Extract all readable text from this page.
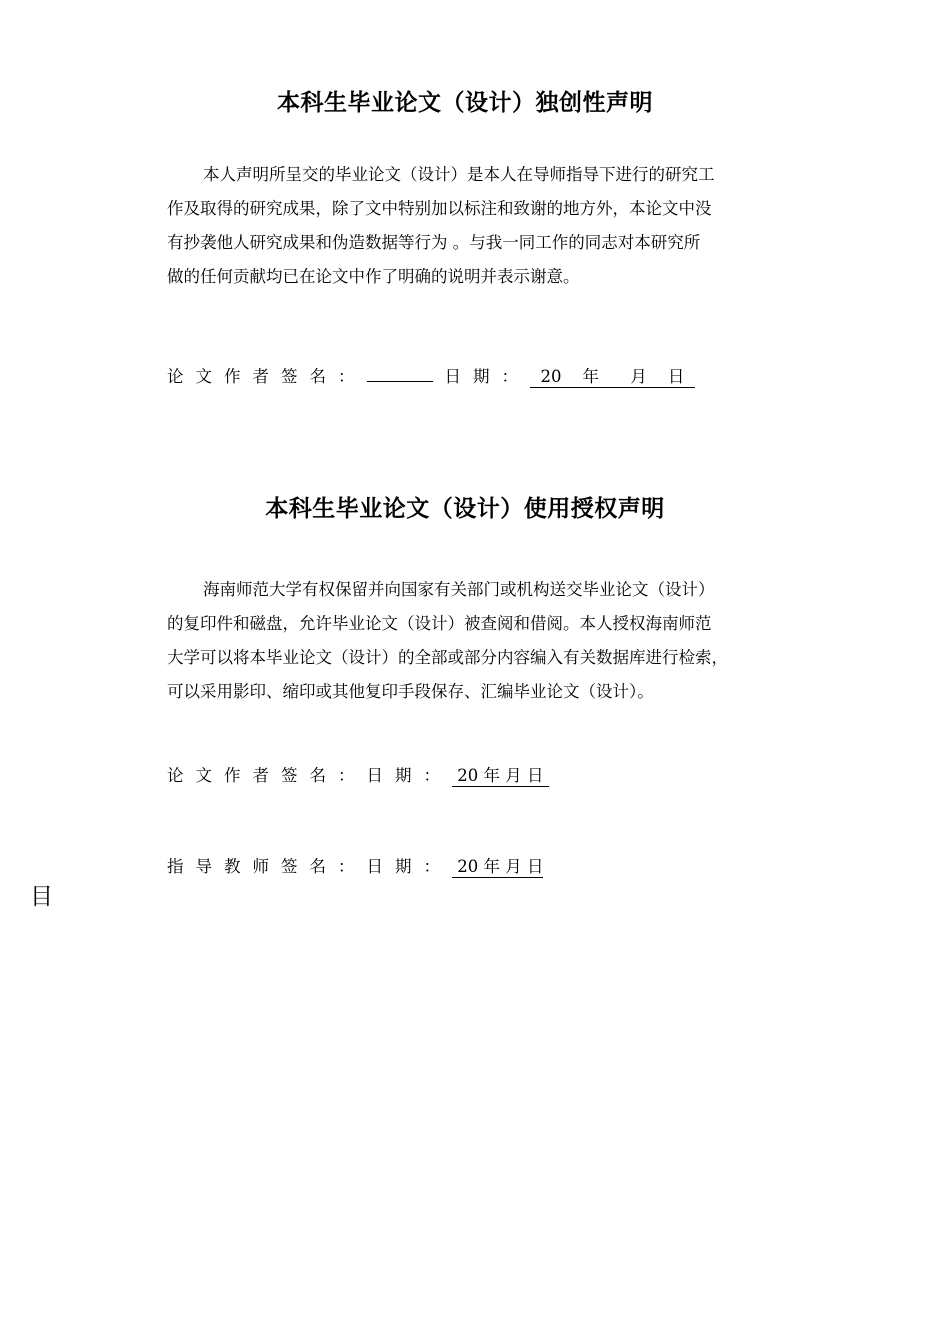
本科生毕业论文（设计）独创性声明
本人声明所呈交的毕业论文（设计）是本人在导师指导下进行的研究工
作及取得的研究成果，除了文中特别加以标注和致谢的地方外，本论文中没
有抄袭他人研究成果和伪造数据等行为 。与我一同工作的同志对本研究所
做的任何贡献均已在论文中作了明确的说明并表示谢意。
论文作者签名：	日期：  20    年      月    日
本科生毕业论文（设计）使用授权声明
海南师范大学有权保留并向国家有关部门或机构送交毕业论文（设计）
的复印件和磁盘，允许毕业论文（设计）被查阅和借阅。本人授权海南师范
大学可以将本毕业论文（设计）的全部或部分内容编入有关数据库进行检索，
可以采用影印、缩印或其他复印手段保存、汇编毕业论文（设计）。
论文作者签名：日期： 20 年 月 日
指导教师签名：日期： 20 年 月 日
目
